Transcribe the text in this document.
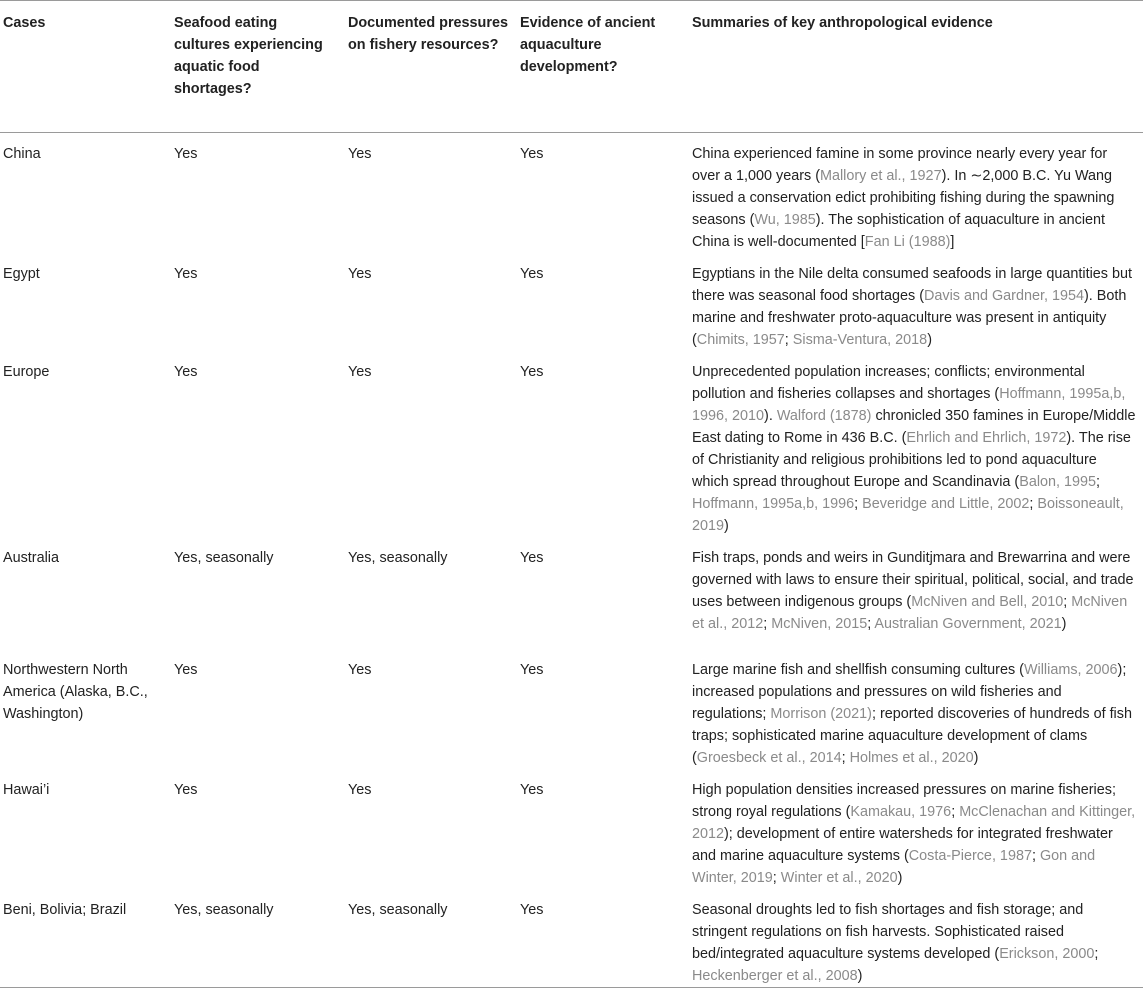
Cases	Seafood eating cultures experiencing aquatic food shortages?	Documented pressures on fishery resources?	Evidence of ancient aquaculture development?	Summaries of key anthropological evidence
China	Yes	Yes	Yes	China experienced famine in some province nearly every year for over a 1,000 years (Mallory et al., 1927). In ∼2,000 B.C. Yu Wang issued a conservation edict prohibiting fishing during the spawning seasons (Wu, 1985). The sophistication of aquaculture in ancient China is well-documented [Fan Li (1988)]
Egypt	Yes	Yes	Yes	Egyptians in the Nile delta consumed seafoods in large quantities but there was seasonal food shortages (Davis and Gardner, 1954). Both marine and freshwater proto-aquaculture was present in antiquity (Chimits, 1957; Sisma-Ventura, 2018)
Europe	Yes	Yes	Yes	Unprecedented population increases; conflicts; environmental pollution and fisheries collapses and shortages (Hoffmann, 1995a,b, 1996, 2010). Walford (1878) chronicled 350 famines in Europe/Middle East dating to Rome in 436 B.C. (Ehrlich and Ehrlich, 1972). The rise of Christianity and religious prohibitions led to pond aquaculture which spread throughout Europe and Scandinavia (Balon, 1995; Hoffmann, 1995a,b, 1996; Beveridge and Little, 2002; Boissoneault, 2019)
Australia	Yes, seasonally	Yes, seasonally	Yes	Fish traps, ponds and weirs in Gunditjmara and Brewarrina and were governed with laws to ensure their spiritual, political, social, and trade uses between indigenous groups (McNiven and Bell, 2010; McNiven et al., 2012; McNiven, 2015; Australian Government, 2021)
Northwestern North America (Alaska, B.C., Washington)	Yes	Yes	Yes	Large marine fish and shellfish consuming cultures (Williams, 2006); increased populations and pressures on wild fisheries and regulations; Morrison (2021); reported discoveries of hundreds of fish traps; sophisticated marine aquaculture development of clams (Groesbeck et al., 2014; Holmes et al., 2020)
Hawai’i	Yes	Yes	Yes	High population densities increased pressures on marine fisheries; strong royal regulations (Kamakau, 1976; McClenachan and Kittinger, 2012); development of entire watersheds for integrated freshwater and marine aquaculture systems (Costa-Pierce, 1987; Gon and Winter, 2019; Winter et al., 2020)
Beni, Bolivia; Brazil	Yes, seasonally	Yes, seasonally	Yes	Seasonal droughts led to fish shortages and fish storage; and stringent regulations on fish harvests. Sophisticated raised bed/integrated aquaculture systems developed (Erickson, 2000; Heckenberger et al., 2008)
